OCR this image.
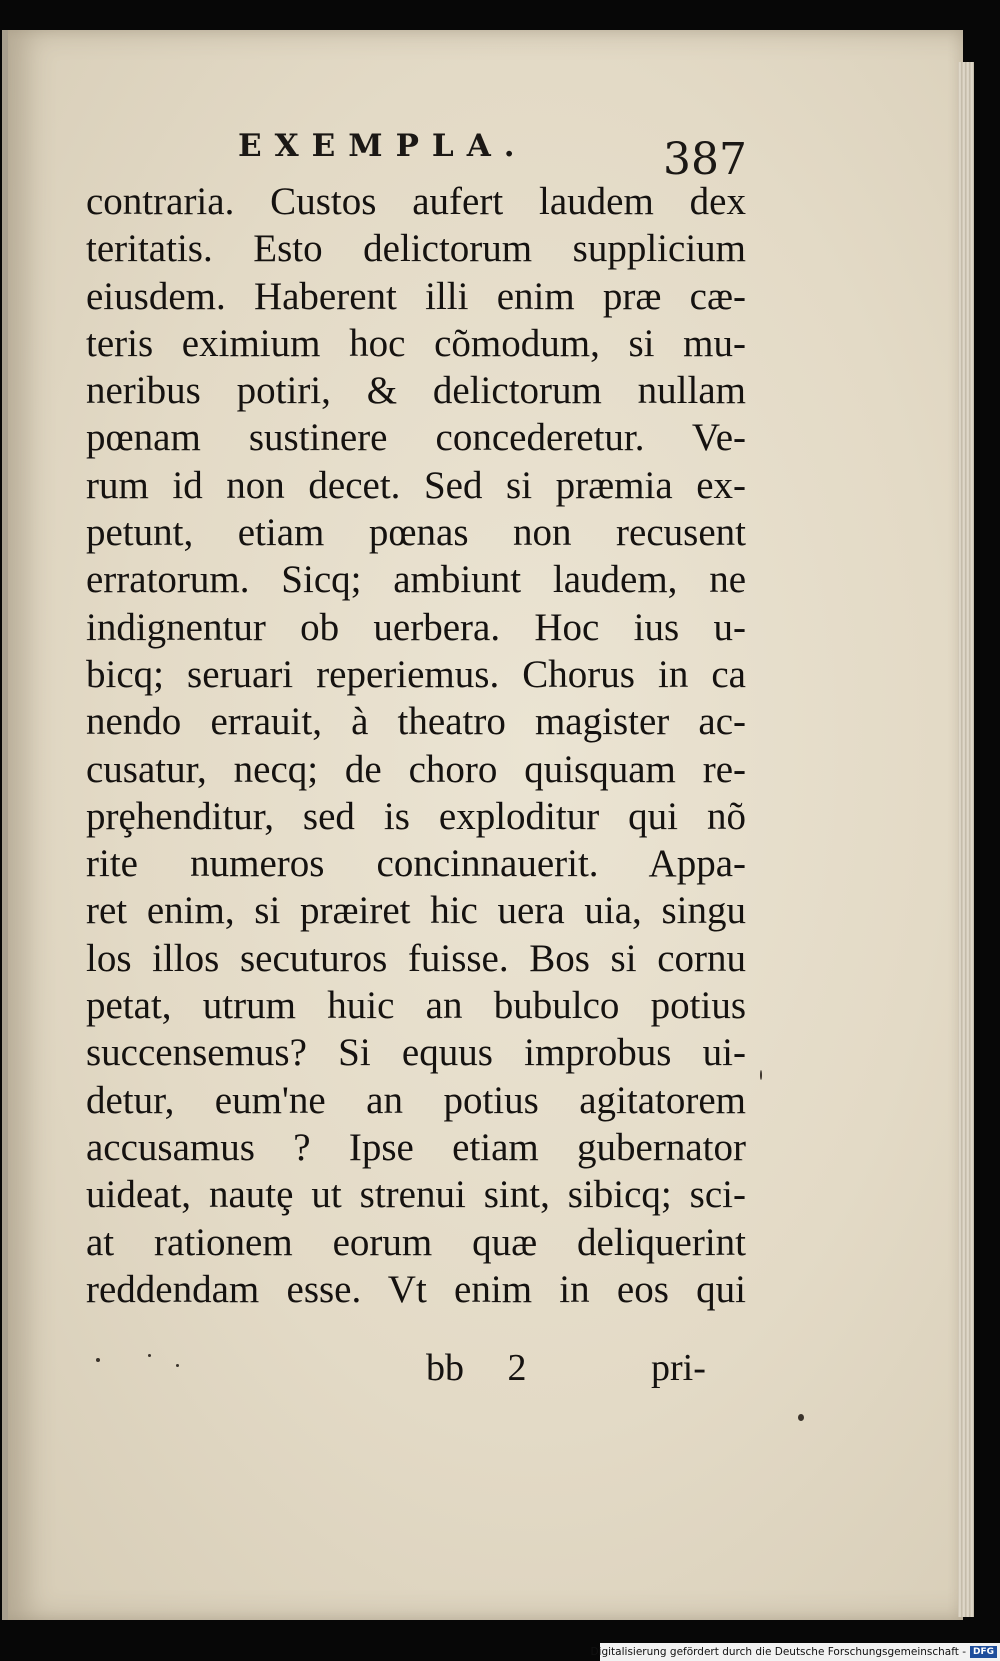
EXEMPLA.	387
contraria. Custos aufert laudem dex
teritatis. Esto delictorum supplicium
eiusdem. Haberent illi enim præ cæ-
teris eximium hoc cõmodum, si mu-
neribus potiri, & delictorum nullam
pœnam sustinere concederetur. Ve-
rum id non decet. Sed si præmia ex-
petunt, etiam pœnas non recusent
erratorum. Sicq; ambiunt laudem, ne
indignentur ob uerbera. Hoc ius u-
bicq; seruari reperiemus. Chorus in ca
nendo errauit, à theatro magister ac-
cusatur, necq; de choro quisquam re-
prȩhenditur, sed is exploditur qui nõ
rite numeros concinnauerit. Appa-
ret enim, si præiret hic uera uia, singu
los illos secuturos fuisse. Bos si cornu
petat, utrum huic an bubulco potius
succensemus? Si equus improbus ui-
detur, eum'ne an potius agitatorem
accusamus ? Ipse etiam gubernator
uideat, nautȩ ut strenui sint, sibicq; sci-
at rationem eorum quæ deliquerint
reddendam esse. Vt enim in eos qui
bb 2	pri-
Digitalisierung gefördert durch die Deutsche Forschungsgemeinschaft - DFG
